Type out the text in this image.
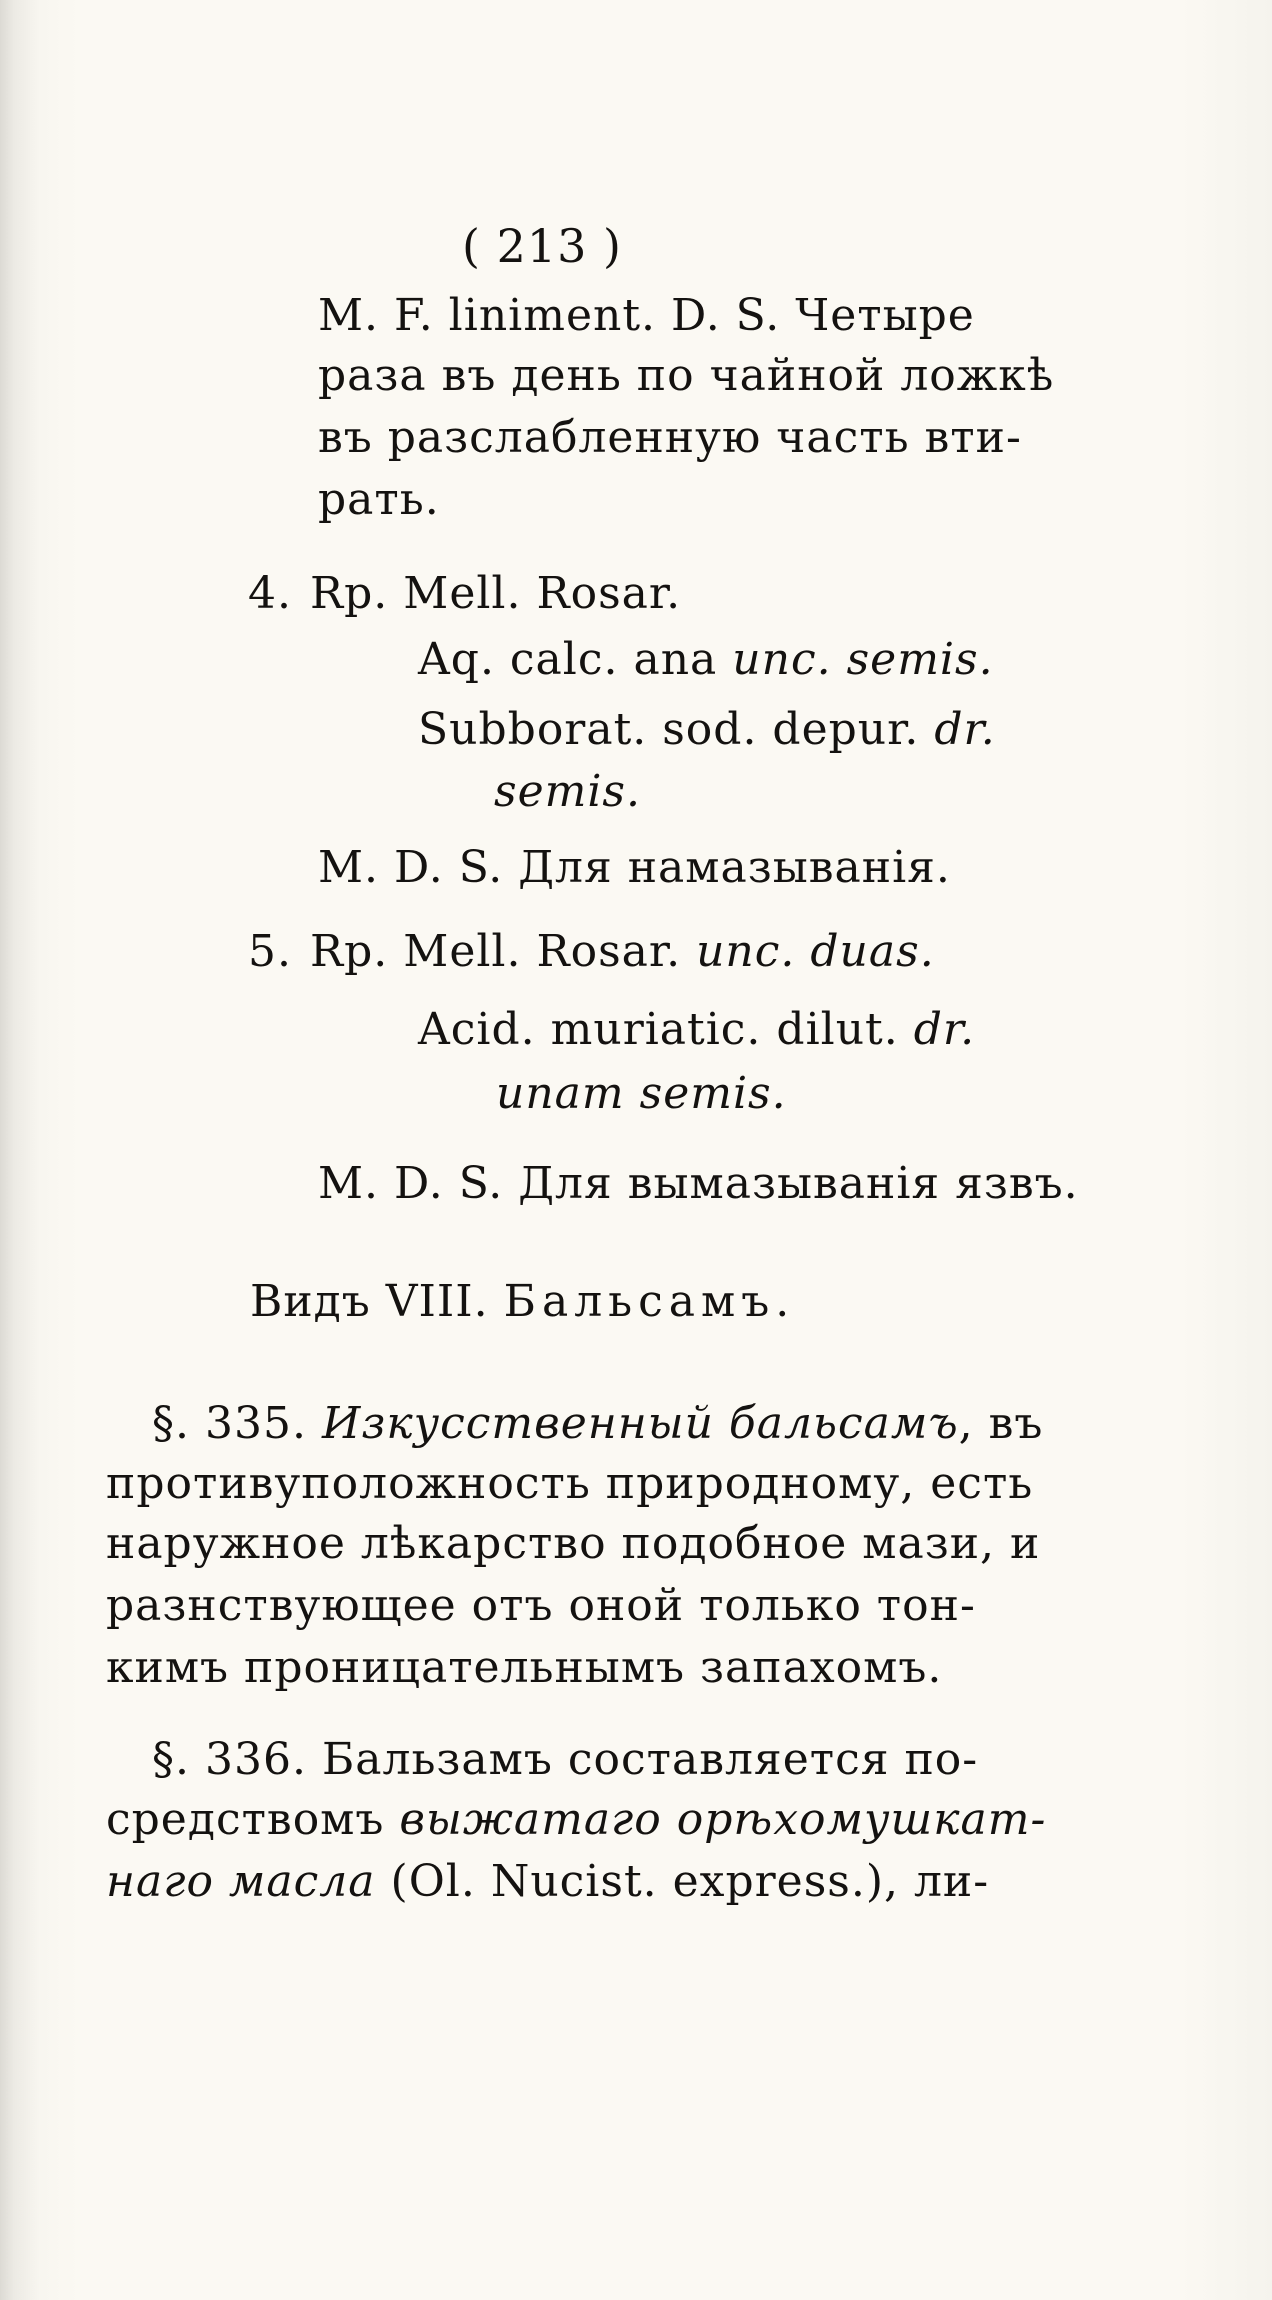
( 213 )
M. F. liniment. D. S. Четыре
раза въ день по чайной ложкѣ
въ разслабленную часть вти-
рать.
4. Rp. Mell. Rosar.
Aq. calc. ana unc. semis.
Subborat. sod. depur. dr.
semis.
M. D. S. Для намазыванія.
5. Rp. Mell. Rosar. unc. duas.
Acid. muriatic. dilut. dr.
unam semis.
M. D. S. Для вымазыванія язвъ.
Видъ VIII. Бальсамъ.
§. 335. Изкусственный бальсамъ, въ
противуположность природному, есть
наружное лѣкарство подобное мази, и
разнствующее отъ оной только тон-
кимъ проницательнымъ запахомъ.
§. 336. Бальзамъ составляется по-
средствомъ выжатаго орѣхомушкат-
наго масла (Ol. Nucist. express.), ли-
